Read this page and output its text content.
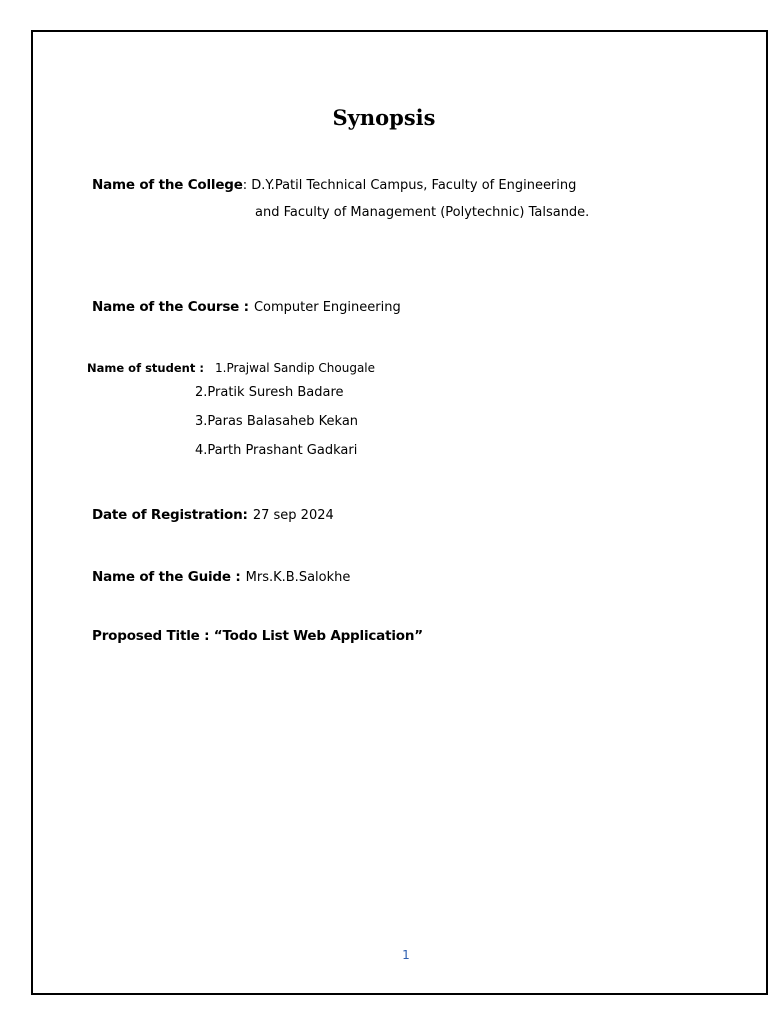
Synopsis
Name of the College: D.Y.Patil Technical Campus, Faculty of Engineering
and Faculty of Management (Polytechnic) Talsande.
Name of the Course : Computer Engineering
Name of student : 1.Prajwal Sandip Chougale
2.Pratik Suresh Badare
3.Paras Balasaheb Kekan
4.Parth Prashant Gadkari
Date of Registration: 27 sep 2024
Name of the Guide : Mrs.K.B.Salokhe
Proposed Title : “Todo List Web Application”
1
